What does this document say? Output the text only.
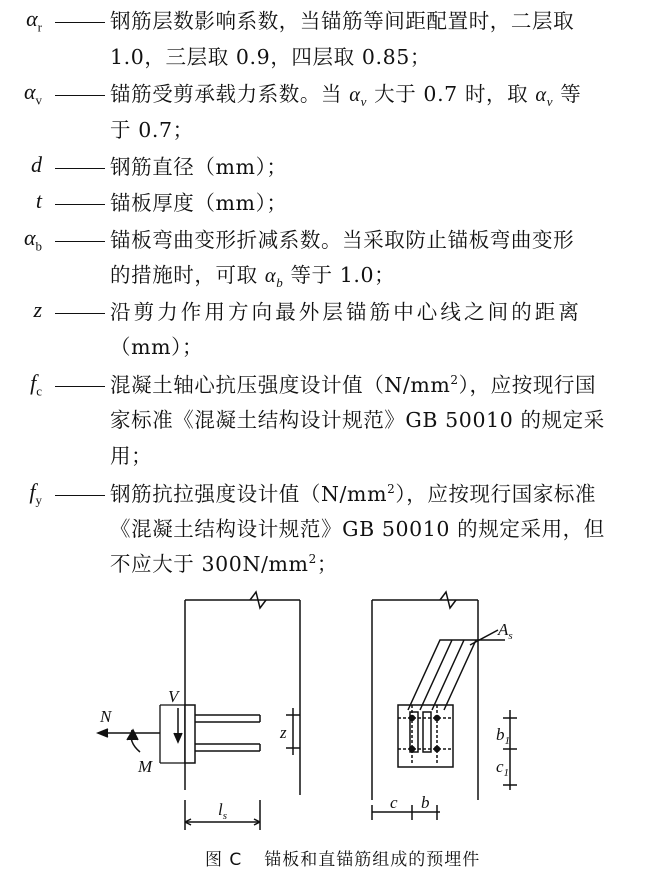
$\alpha_r$	钢筋层数影响系数，当锚筋等间距配置时，二层取
1.0，三层取 0.9，四层取 0.85；
$\alpha_v$	锚筋受剪承载力系数。当 $\alpha_v$ 大于 0.7 时，取 $\alpha_v$ 等
于 0.7；
d	钢筋直径（mm）；
t	锚板厚度（mm）；
$\alpha_b$	锚板弯曲变形折减系数。当采取防止锚板弯曲变形
的措施时，可取 $\alpha_b$ 等于 1.0；
z	沿剪力作用方向最外层锚筋中心线之间的距离
（mm）；
$f_c$	混凝土轴心抗压强度设计值$(N/mm^2)$，应按现行国
家标准《混凝土结构设计规范》GB 50010 的规定采
用；
$f_y$	钢筋抗拉强度设计值$(N/mm^2)$，应按现行国家标准
《混凝土结构设计规范》GB 50010 的规定采用，但
不应大于 $300N/mm^2$；
V
N
M
z
$l_s$
$A_s$
$b_1$
$c_1$
c b
图 C 锚板和直锚筋组成的预埋件
